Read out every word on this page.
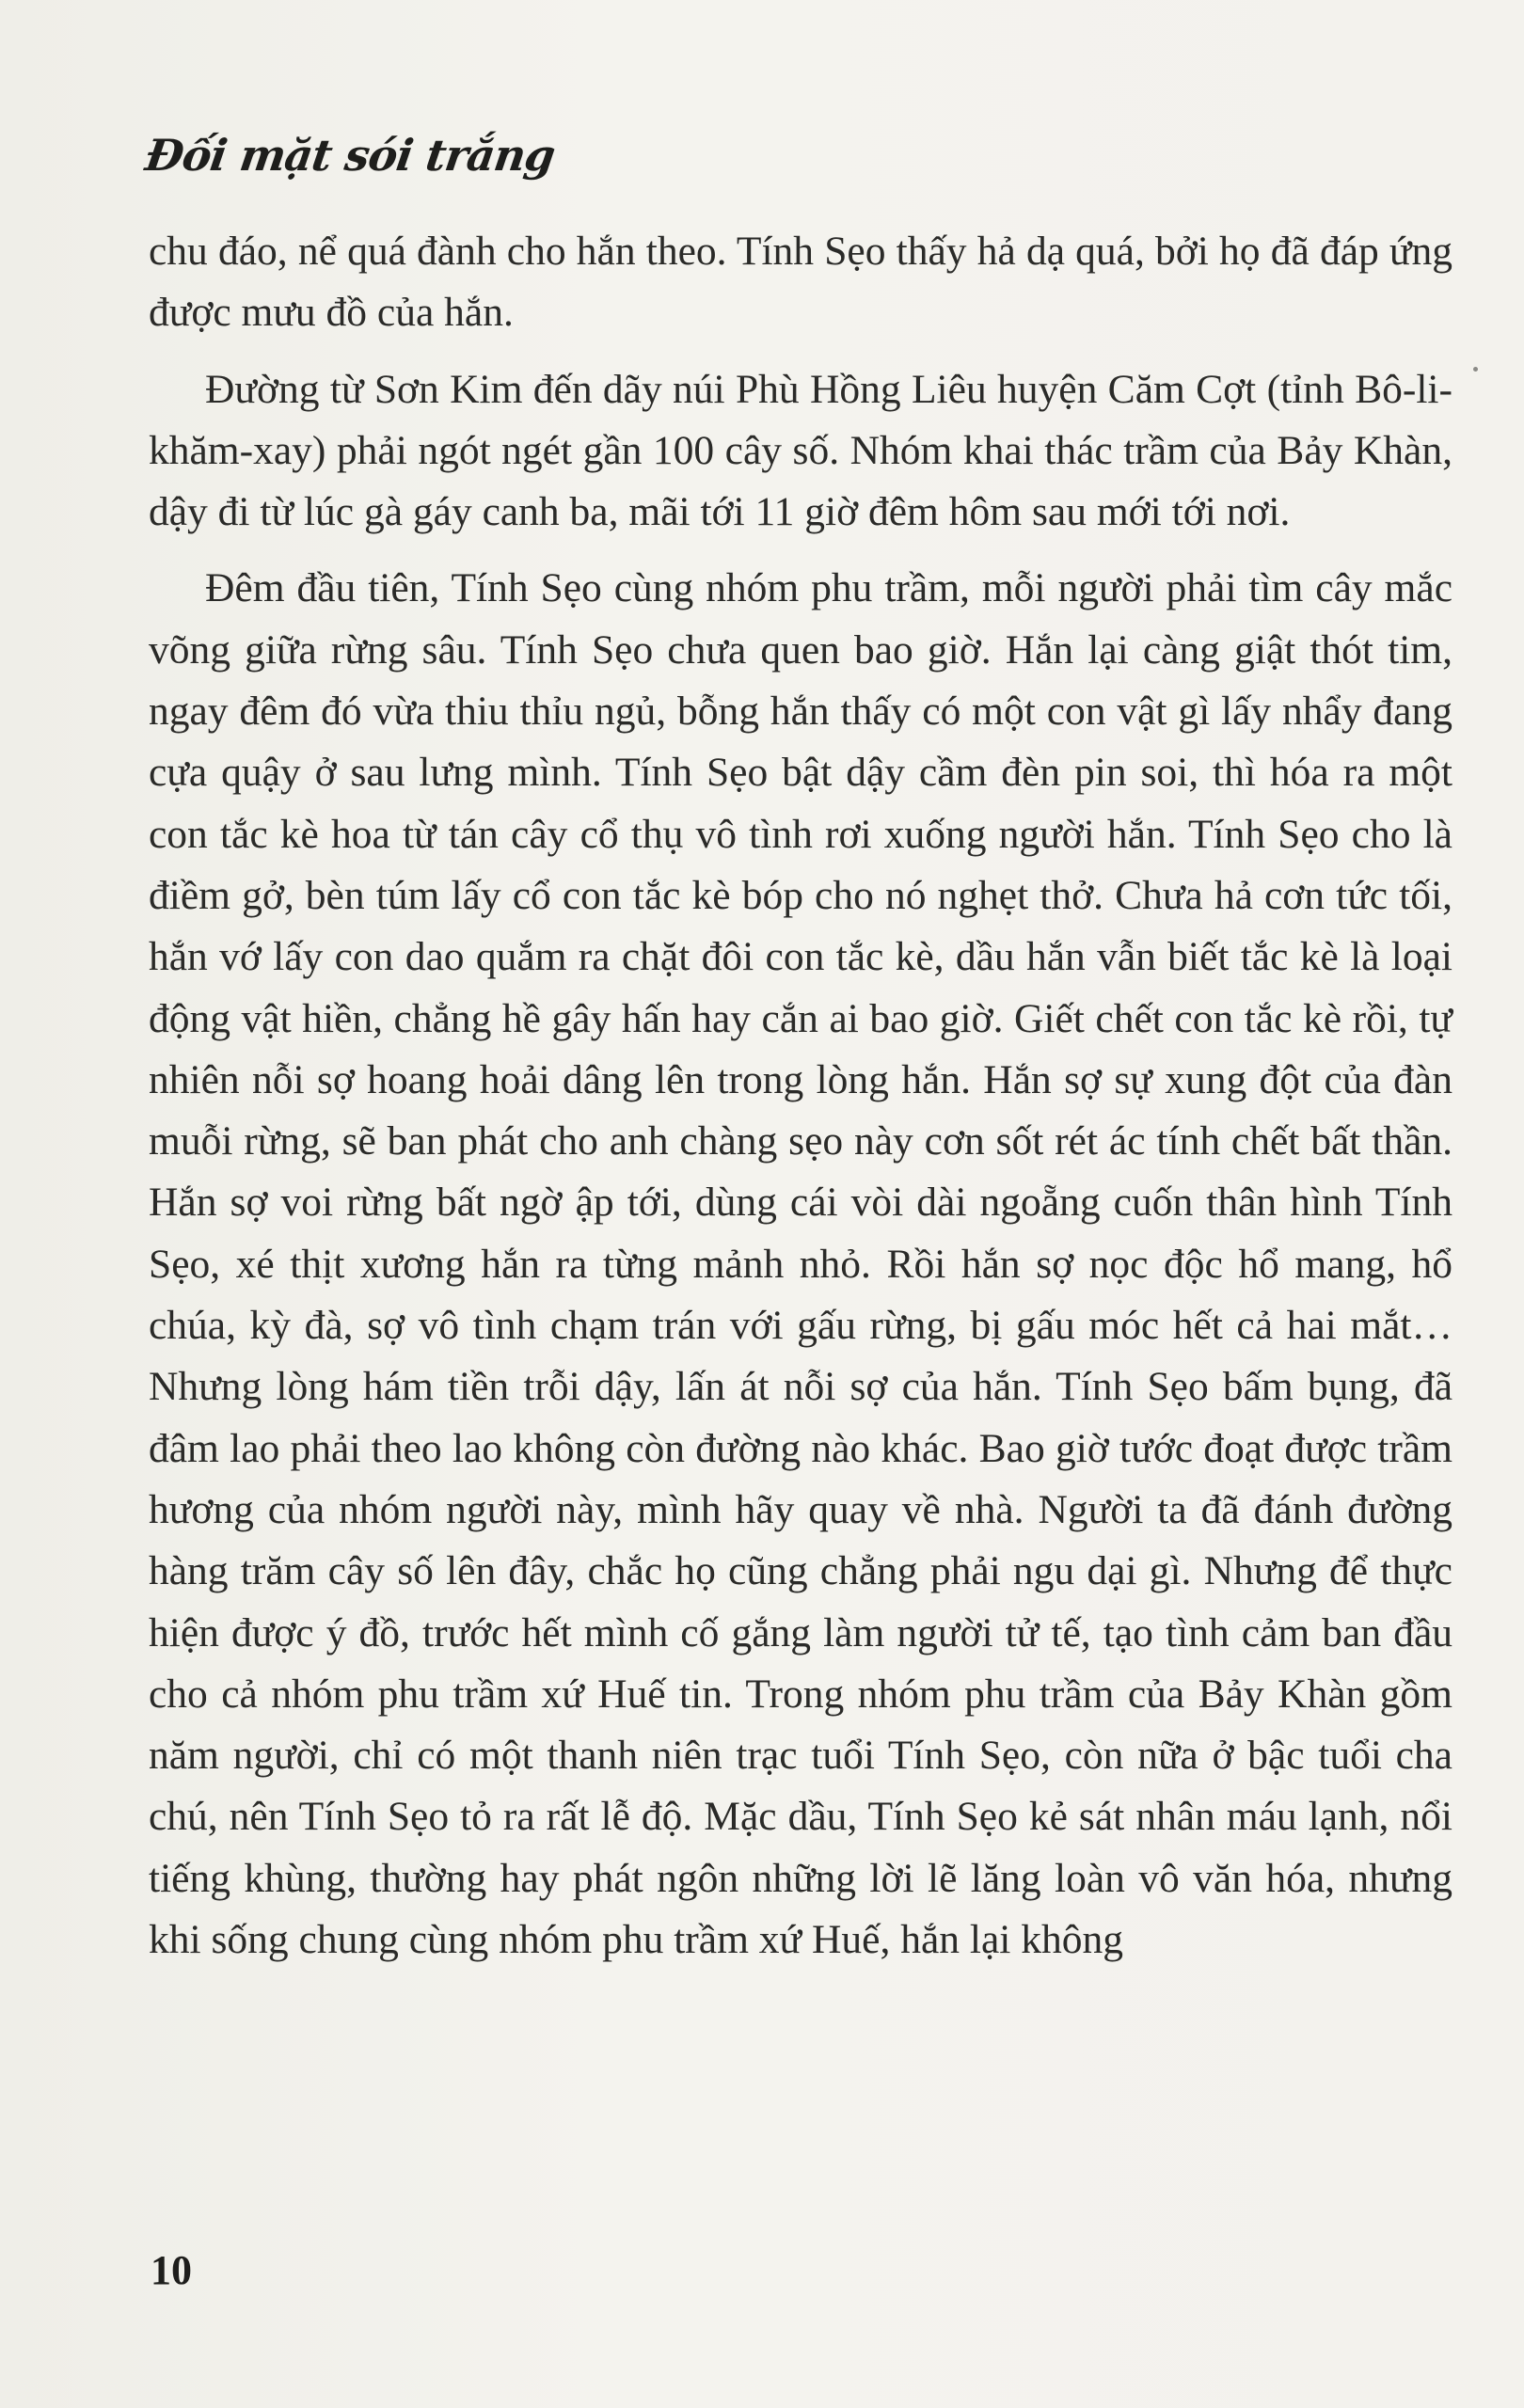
Đối mặt sói trắng

chu đáo, nể quá đành cho hắn theo. Tính Sẹo thấy hả dạ quá, bởi họ đã đáp ứng được mưu đồ của hắn.

Đường từ Sơn Kim đến dãy núi Phù Hồng Liêu huyện Căm Cợt (tỉnh Bô-li-khăm-xay) phải ngót ngét gần 100 cây số. Nhóm khai thác trầm của Bảy Khàn, dậy đi từ lúc gà gáy canh ba, mãi tới 11 giờ đêm hôm sau mới tới nơi.

Đêm đầu tiên, Tính Sẹo cùng nhóm phu trầm, mỗi người phải tìm cây mắc võng giữa rừng sâu. Tính Sẹo chưa quen bao giờ. Hắn lại càng giật thót tim, ngay đêm đó vừa thiu thỉu ngủ, bỗng hắn thấy có một con vật gì lấy nhẩy đang cựa quậy ở sau lưng mình. Tính Sẹo bật dậy cầm đèn pin soi, thì hóa ra một con tắc kè hoa từ tán cây cổ thụ vô tình rơi xuống người hắn. Tính Sẹo cho là điềm gở, bèn túm lấy cổ con tắc kè bóp cho nó nghẹt thở. Chưa hả cơn tức tối, hắn vớ lấy con dao quắm ra chặt đôi con tắc kè, dầu hắn vẫn biết tắc kè là loại động vật hiền, chẳng hề gây hấn hay cắn ai bao giờ. Giết chết con tắc kè rồi, tự nhiên nỗi sợ hoang hoải dâng lên trong lòng hắn. Hắn sợ sự xung đột của đàn muỗi rừng, sẽ ban phát cho anh chàng sẹo này cơn sốt rét ác tính chết bất thần. Hắn sợ voi rừng bất ngờ ập tới, dùng cái vòi dài ngoẵng cuốn thân hình Tính Sẹo, xé thịt xương hắn ra từng mảnh nhỏ. Rồi hắn sợ nọc độc hổ mang, hổ chúa, kỳ đà, sợ vô tình chạm trán với gấu rừng, bị gấu móc hết cả hai mắt… Nhưng lòng hám tiền trỗi dậy, lấn át nỗi sợ của hắn. Tính Sẹo bấm bụng, đã đâm lao phải theo lao không còn đường nào khác. Bao giờ tước đoạt được trầm hương của nhóm người này, mình hãy quay về nhà. Người ta đã đánh đường hàng trăm cây số lên đây, chắc họ cũng chẳng phải ngu dại gì. Nhưng để thực hiện được ý đồ, trước hết mình cố gắng làm người tử tế, tạo tình cảm ban đầu cho cả nhóm phu trầm xứ Huế tin. Trong nhóm phu trầm của Bảy Khàn gồm năm người, chỉ có một thanh niên trạc tuổi Tính Sẹo, còn nữa ở bậc tuổi cha chú, nên Tính Sẹo tỏ ra rất lễ độ. Mặc dầu, Tính Sẹo kẻ sát nhân máu lạnh, nổi tiếng khùng, thường hay phát ngôn những lời lẽ lăng loàn vô văn hóa, nhưng khi sống chung cùng nhóm phu trầm xứ Huế, hắn lại không

10
